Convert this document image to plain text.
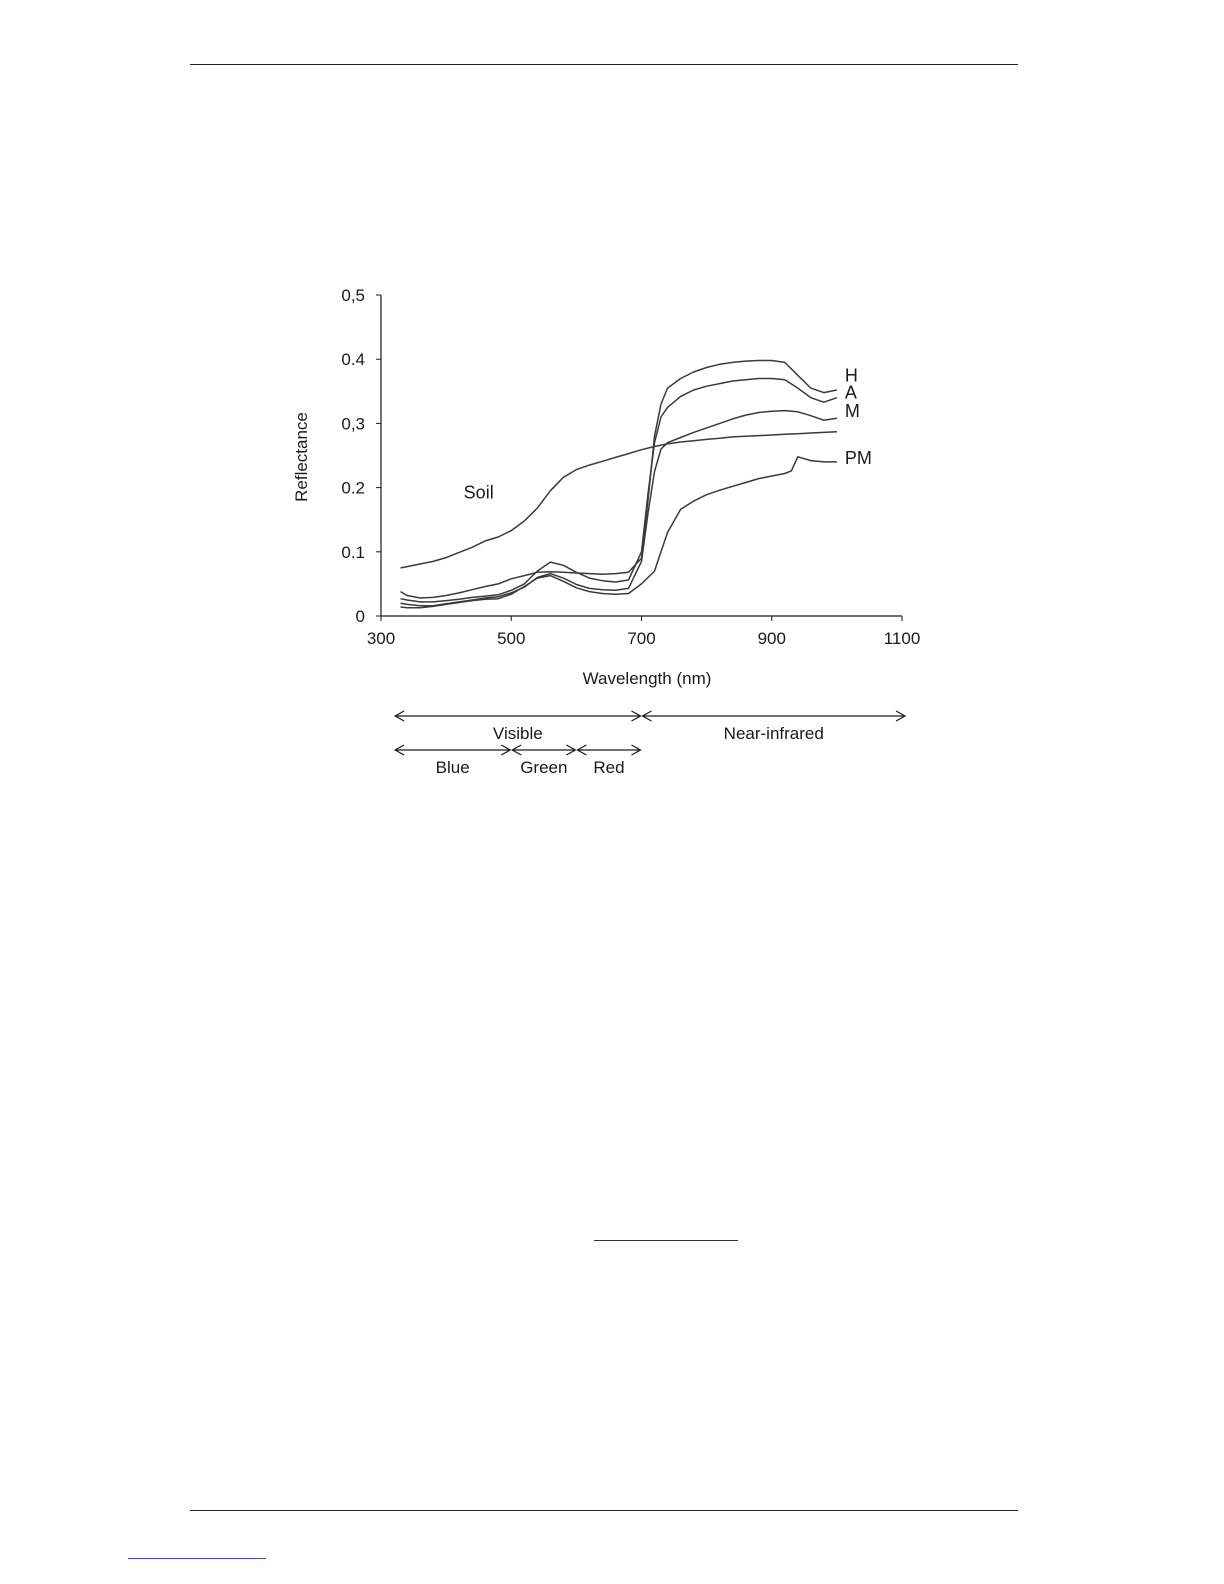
0
0.1
0.2
0,3
0.4
0,5
300	500	700	900	1100
Soil
H
A
M
PM
Reflectance
Wavelength (nm)
Visible	Near-infrared
Blue	Green Red
